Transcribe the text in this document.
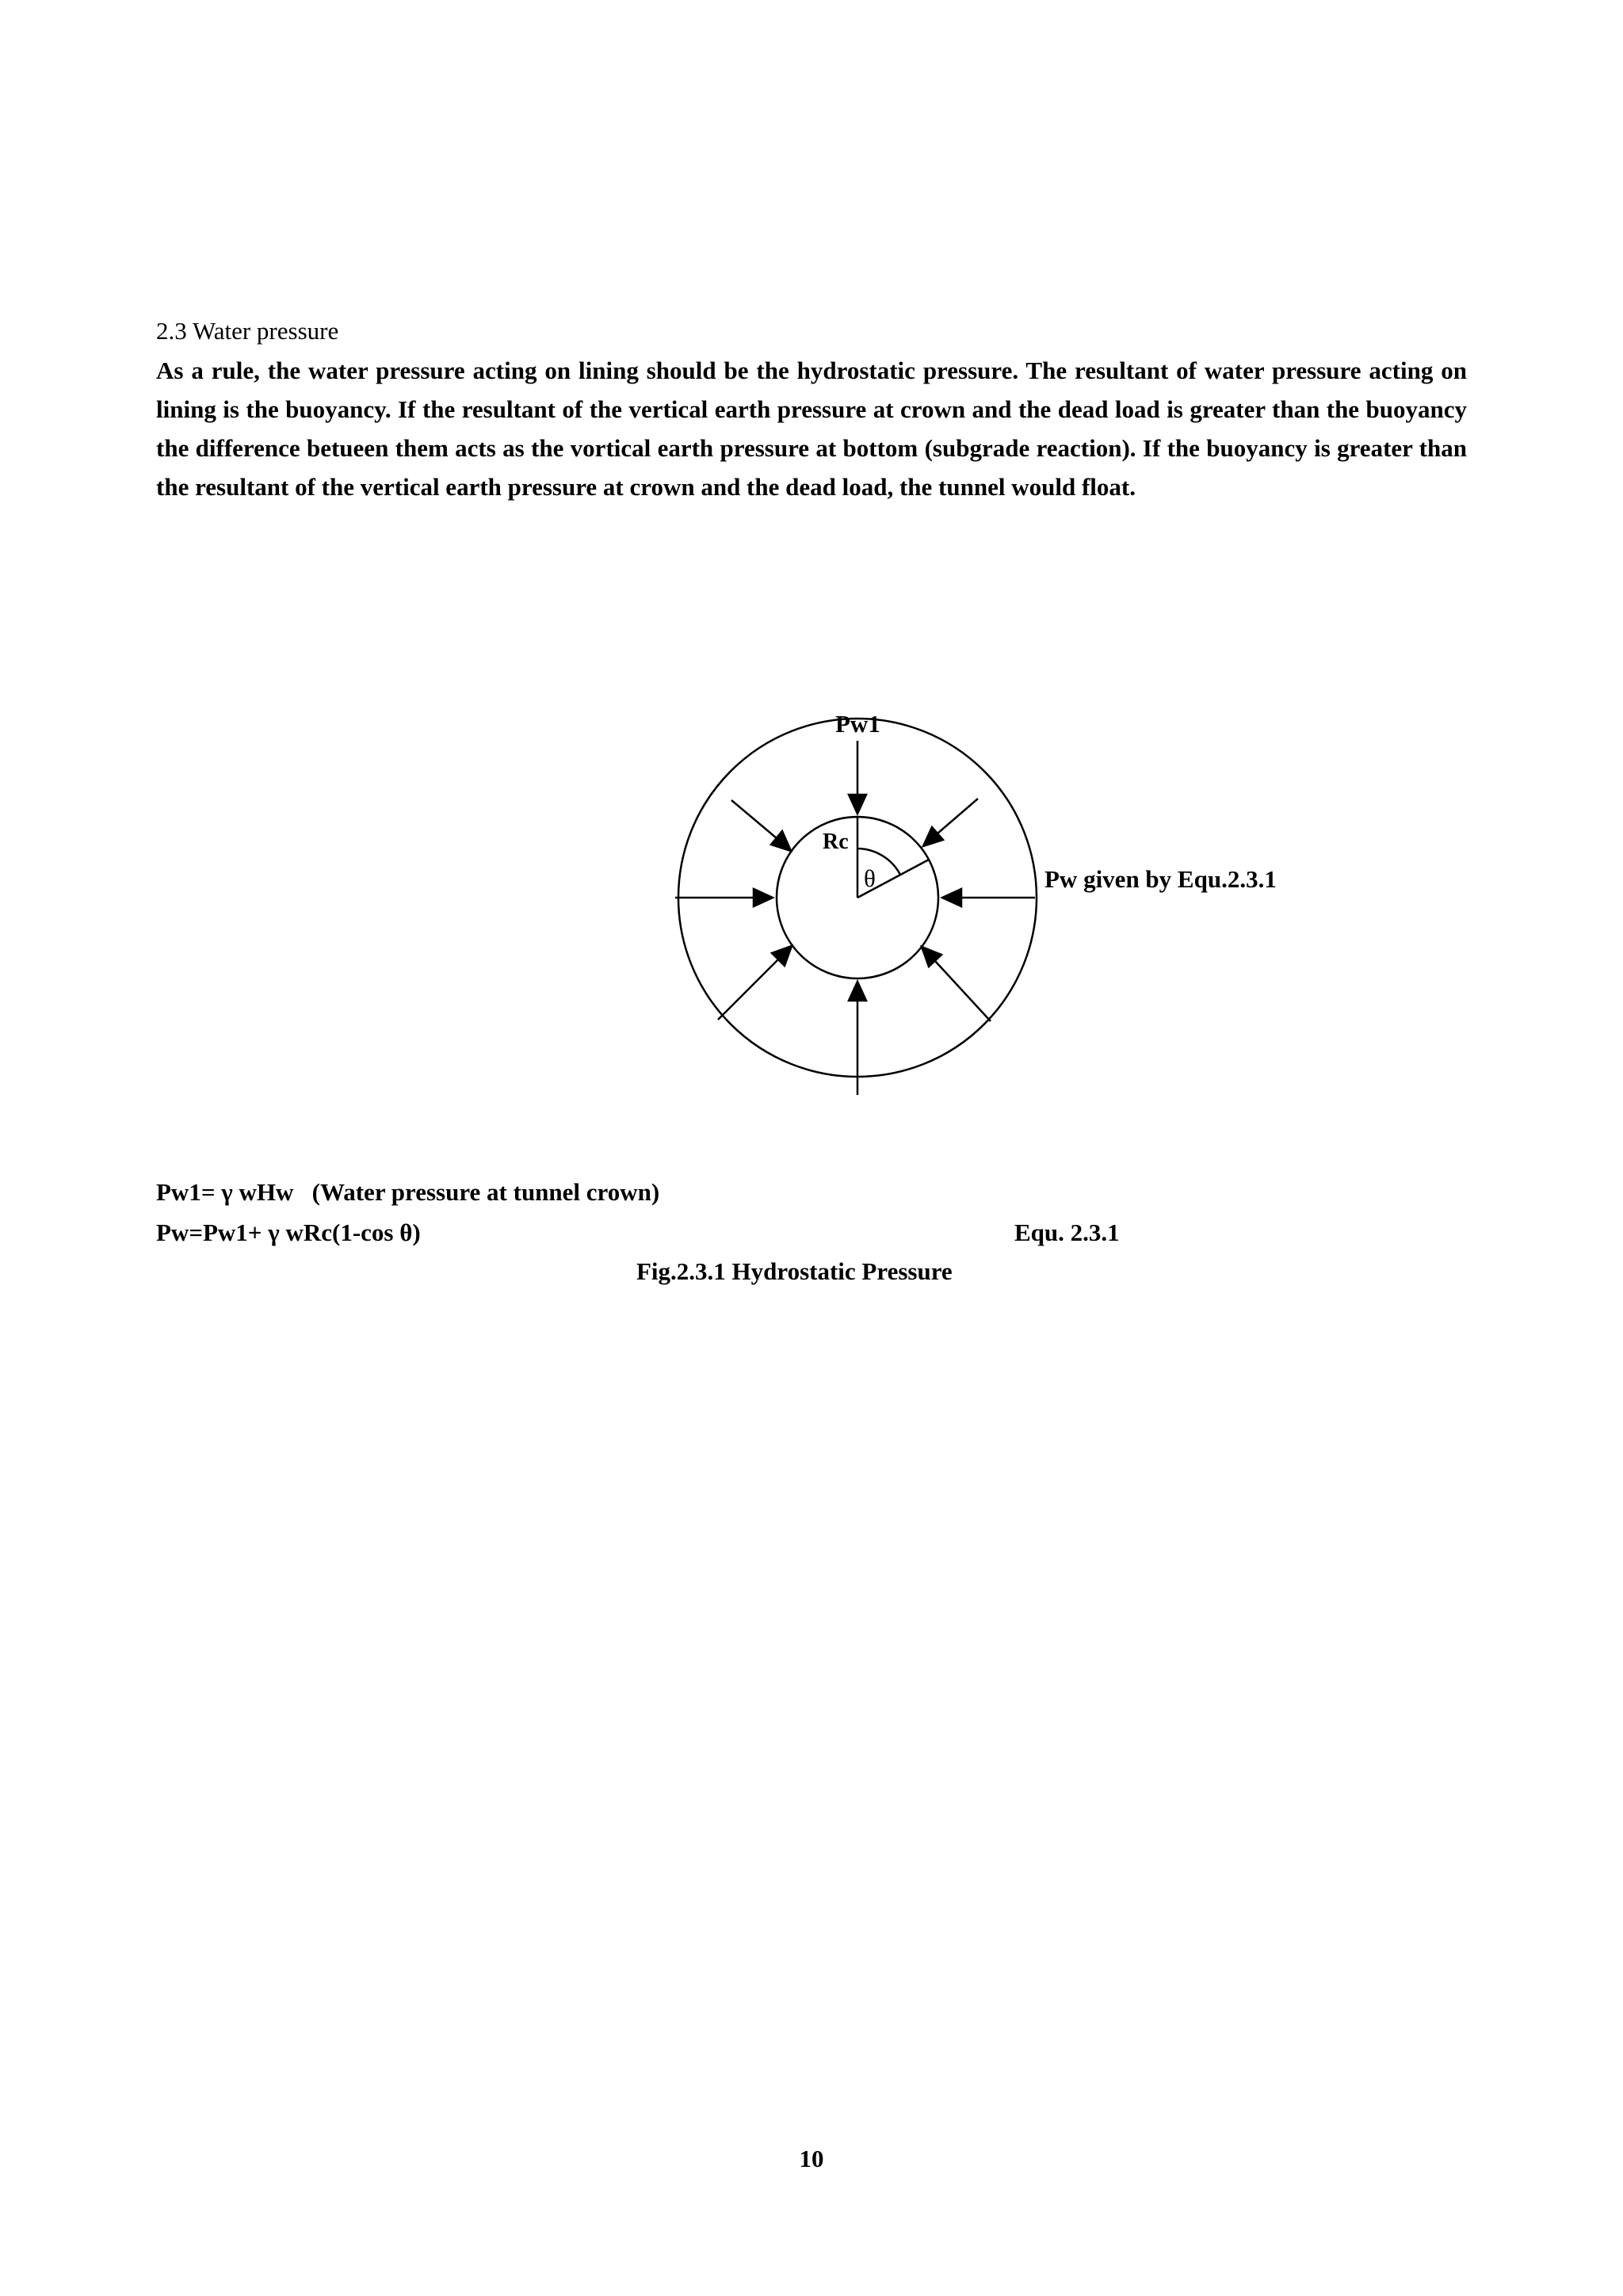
2.3 Water pressure

As a rule, the water pressure acting on lining should be the hydrostatic pressure. The resultant of water pressure acting on lining is the buoyancy. If the resultant of the vertical earth pressure at crown and the dead load is greater than the buoyancy the difference betueen them acts as the vortical earth pressure at bottom (subgrade reaction). If the buoyancy is greater than the resultant of the vertical earth pressure at crown and the dead load, the tunnel would float.

Pw1
Rc
θ	Pw given by Equ.2.3.1
Pw1= γ wHw   (Water pressure at tunnel crown)
Pw=Pw1+ γ wRc(1-cos θ)	Equ. 2.3.1
Fig.2.3.1 Hydrostatic Pressure
10
